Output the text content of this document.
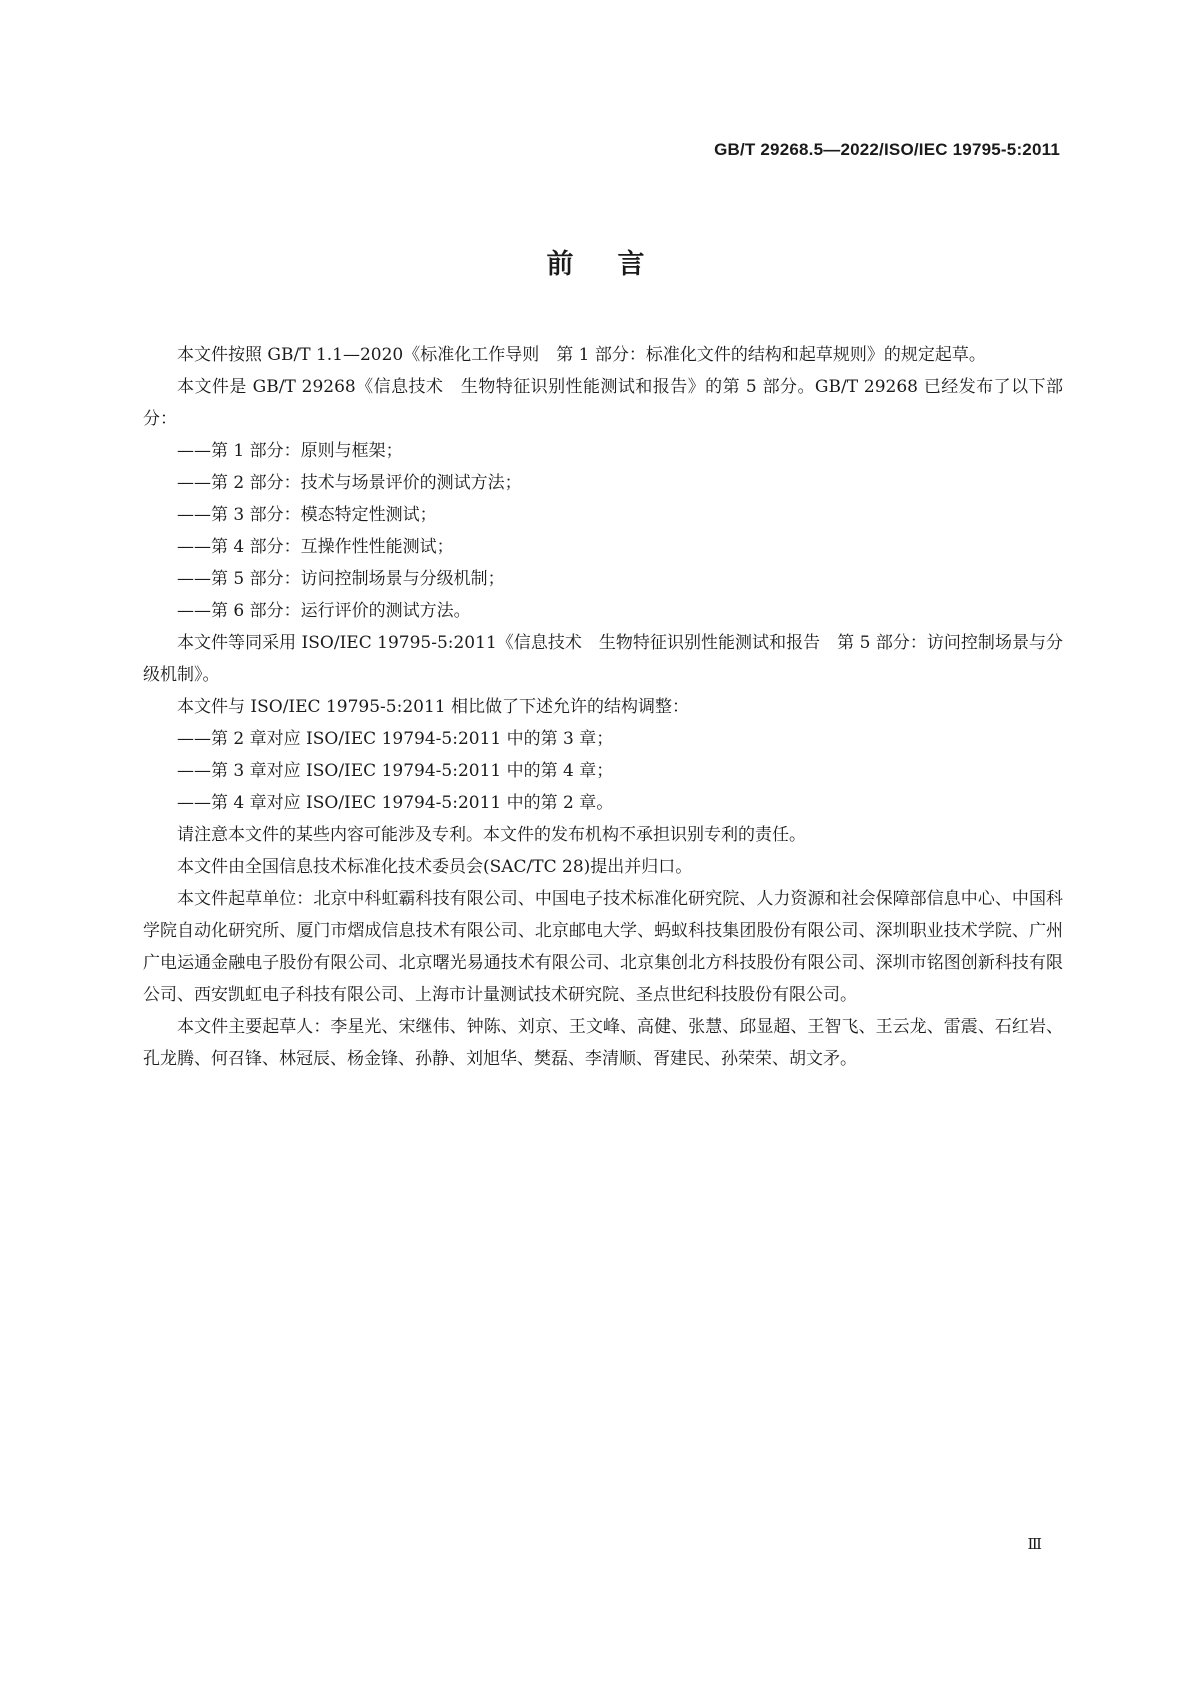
GB/T 29268.5—2022/ISO/IEC 19795-5:2011
前言

本文件按照 GB/T 1.1—2020《标准化工作导则　第 1 部分：标准化文件的结构和起草规则》的规定起草。

本文件是 GB/T 29268《信息技术　生物特征识别性能测试和报告》的第 5 部分。GB/T 29268 已经发布了以下部分：

——第 1 部分：原则与框架；

——第 2 部分：技术与场景评价的测试方法；

——第 3 部分：模态特定性测试；

——第 4 部分：互操作性性能测试；

——第 5 部分：访问控制场景与分级机制；

——第 6 部分：运行评价的测试方法。

本文件等同采用 ISO/IEC 19795-5:2011《信息技术　生物特征识别性能测试和报告　第 5 部分：访问控制场景与分级机制》。

本文件与 ISO/IEC 19795-5:2011 相比做了下述允许的结构调整：

——第 2 章对应 ISO/IEC 19794-5:2011 中的第 3 章；

——第 3 章对应 ISO/IEC 19794-5:2011 中的第 4 章；

——第 4 章对应 ISO/IEC 19794-5:2011 中的第 2 章。

请注意本文件的某些内容可能涉及专利。本文件的发布机构不承担识别专利的责任。

本文件由全国信息技术标准化技术委员会(SAC/TC 28)提出并归口。

本文件起草单位：北京中科虹霸科技有限公司、中国电子技术标准化研究院、人力资源和社会保障部信息中心、中国科学院自动化研究所、厦门市熠成信息技术有限公司、北京邮电大学、蚂蚁科技集团股份有限公司、深圳职业技术学院、广州广电运通金融电子股份有限公司、北京曙光易通技术有限公司、北京集创北方科技股份有限公司、深圳市铭图创新科技有限公司、西安凯虹电子科技有限公司、上海市计量测试技术研究院、圣点世纪科技股份有限公司。

本文件主要起草人：李星光、宋继伟、钟陈、刘京、王文峰、高健、张慧、邱显超、王智飞、王云龙、雷震、石红岩、孔龙腾、何召锋、林冠辰、杨金锋、孙静、刘旭华、樊磊、李清顺、胥建民、孙荣荣、胡文矛。

Ⅲ
